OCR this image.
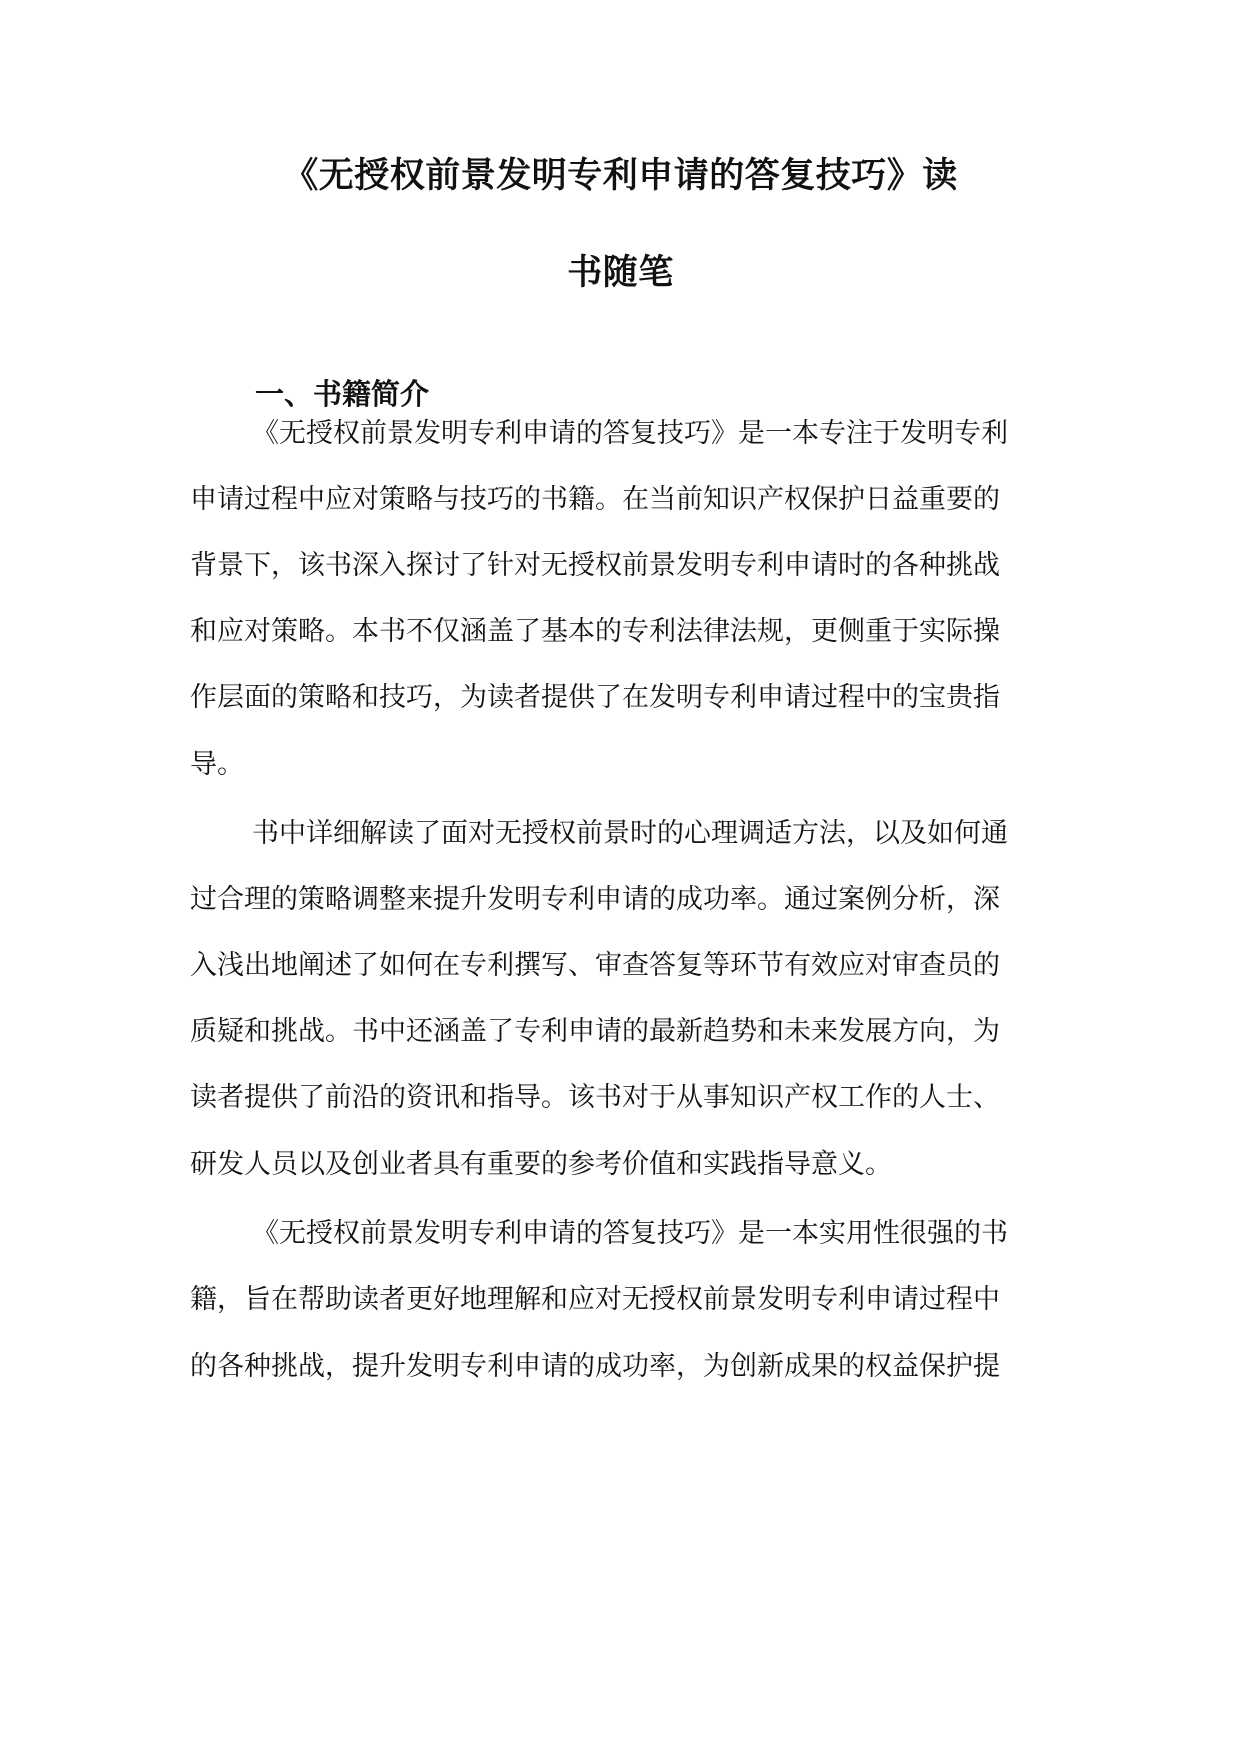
《无授权前景发明专利申请的答复技巧》读
书随笔
一、书籍简介
《无授权前景发明专利申请的答复技巧》是一本专注于发明专利
申请过程中应对策略与技巧的书籍。在当前知识产权保护日益重要的
背景下，该书深入探讨了针对无授权前景发明专利申请时的各种挑战
和应对策略。本书不仅涵盖了基本的专利法律法规，更侧重于实际操
作层面的策略和技巧，为读者提供了在发明专利申请过程中的宝贵指
导。
书中详细解读了面对无授权前景时的心理调适方法，以及如何通
过合理的策略调整来提升发明专利申请的成功率。通过案例分析，深
入浅出地阐述了如何在专利撰写、审查答复等环节有效应对审查员的
质疑和挑战。书中还涵盖了专利申请的最新趋势和未来发展方向，为
读者提供了前沿的资讯和指导。该书对于从事知识产权工作的人士、
研发人员以及创业者具有重要的参考价值和实践指导意义。
《无授权前景发明专利申请的答复技巧》是一本实用性很强的书
籍，旨在帮助读者更好地理解和应对无授权前景发明专利申请过程中
的各种挑战，提升发明专利申请的成功率，为创新成果的权益保护提
